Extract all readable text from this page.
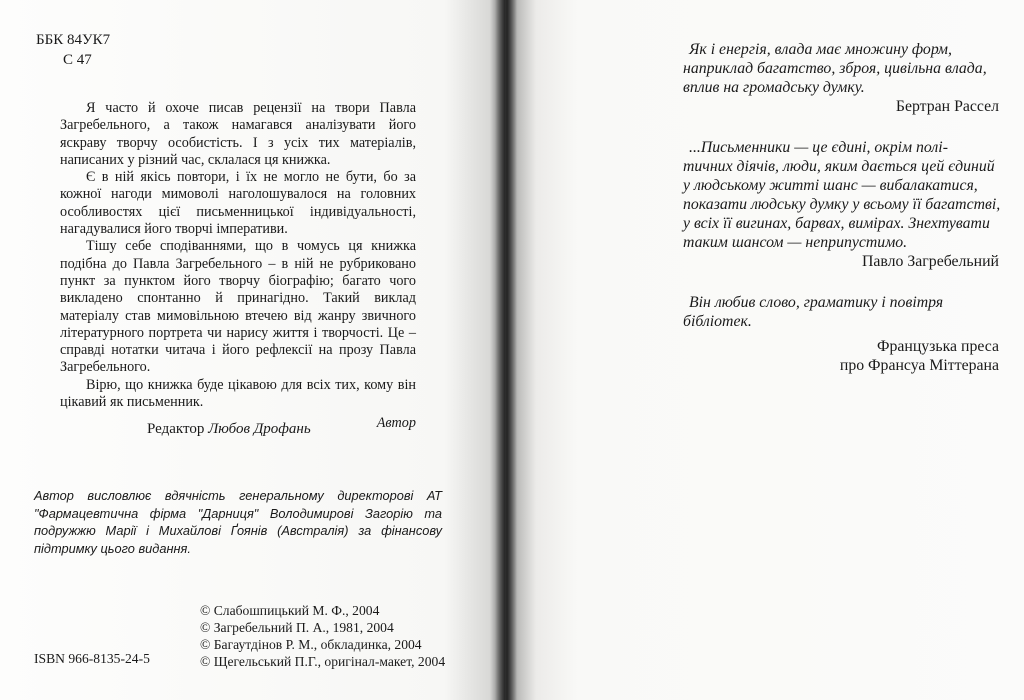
ББК 84УК7
С 47

Я часто й охоче писав рецензії на твори Павла Загребельного, а також намагався аналізувати його яскраву творчу особистість. І з усіх тих матеріалів, написаних у різний час, склалася ця книжка.

Є в ній якісь повтори, і їх не могло не бути, бо за кожної нагоди мимоволі наголошувалося на головних особливостях цієї письменницької індивідуальності, нагадувалися його творчі імперативи.

Тішу себе сподіваннями, що в чомусь ця книжка подібна до Павла Загребельного – в ній не рубриковано пункт за пунктом його творчу біографію; багато чого викладено спонтанно й принагідно. Такий виклад матеріалу став мимовільною втечею від жанру звичного літературного портрета чи нарису життя і творчості. Це – справді нотатки читача і його рефлексії на прозу Павла Загребельного.

Вірю, що книжка буде цікавою для всіх тих, кому він цікавий як письменник.

Автор
Редактор Любов Дрофань
Автор висловлює вдячність генеральному директорові АТ "Фармацевтична фірма "Дарниця" Володимирові Загорію та подружжю Марії і Михайлові Ґоянів (Австралія) за фінансову підтримку цього видання.
© Слабошпицький М. Ф., 2004
© Загребельний П. А., 1981, 2004
© Багаутдінов Р. М., обкладинка, 2004
© Щегельський П.Г., оригінал-макет, 2004
ISBN 966-8135-24-5
Як і енергія, влада має множину форм,
наприклад багатство, зброя, цивільна влада,
вплив на громадську думку.
Бертран Рассел
...Письменники — це єдині, окрім полі-
тичних діячів, люди, яким дається цей єдиний
у людському житті шанс — вибалакатися,
показати людську думку у всьому її багатстві,
у всіх її вигинах, барвах, вимірах. Знехтувати
таким шансом — неприпустимо.
Павло Загребельний
Він любив слово, граматику і повітря
бібліотек.
Французька преса
про Франсуа Міттерана
